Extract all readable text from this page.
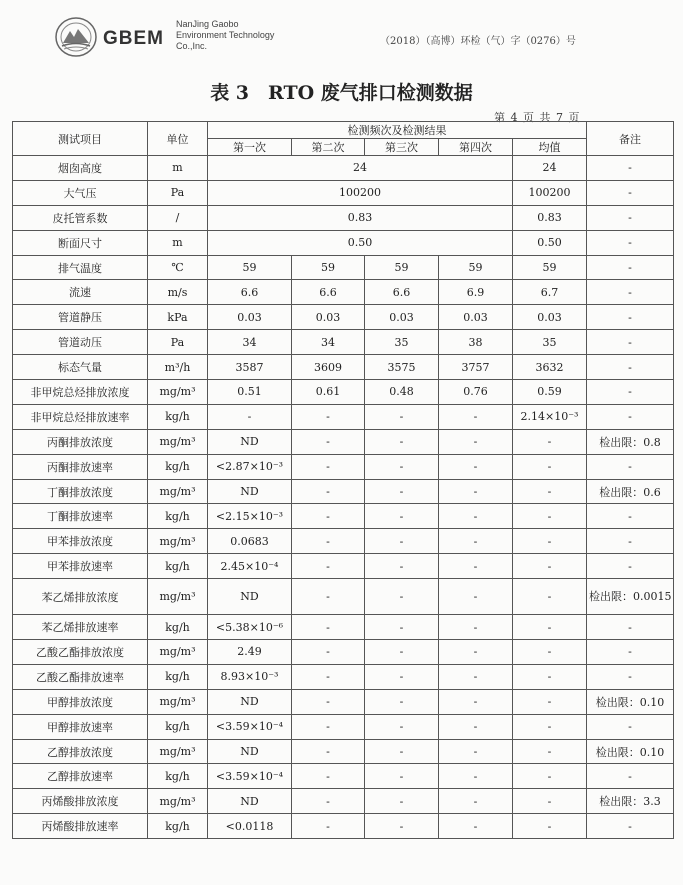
GBEM
NanJing Gaobo
Environment Technology
Co.,Inc.	（2018）（高博）环检（气）字（0276）号
表 3　RTO 废气排口检测数据
第 4 页 共 7 页
测试项目	单位	检测频次及检测结果					备注
		第一次	第二次	第三次	第四次	均值	
烟囱高度	m	24				24	-
大气压	Pa	100200				100200	-
皮托管系数	/	0.83				0.83	-
断面尺寸	m	0.50				0.50	-
排气温度	℃	59	59	59	59	59	-
流速	m/s	6.6	6.6	6.6	6.9	6.7	-
管道静压	kPa	0.03	0.03	0.03	0.03	0.03	-
管道动压	Pa	34	34	35	38	35	-
标态气量	m³/h	3587	3609	3575	3757	3632	-
非甲烷总烃排放浓度	mg/m³	0.51	0.61	0.48	0.76	0.59	-
非甲烷总烃排放速率	kg/h	-	-	-	-	2.14×10⁻³	-
丙酮排放浓度	mg/m³	ND	-	-	-	-	检出限：0.8
丙酮排放速率	kg/h	<2.87×10⁻³	-	-	-	-	-
丁酮排放浓度	mg/m³	ND	-	-	-	-	检出限：0.6
丁酮排放速率	kg/h	<2.15×10⁻³	-	-	-	-	-
甲苯排放浓度	mg/m³	0.0683	-	-	-	-	-
甲苯排放速率	kg/h	2.45×10⁻⁴	-	-	-	-	-
苯乙烯排放浓度	mg/m³	ND	-	-	-	-	检出限：0.0015
苯乙烯排放速率	kg/h	<5.38×10⁻⁶	-	-	-	-	-
乙酸乙酯排放浓度	mg/m³	2.49	-	-	-	-	-
乙酸乙酯排放速率	kg/h	8.93×10⁻³	-	-	-	-	-
甲醇排放浓度	mg/m³	ND	-	-	-	-	检出限：0.10
甲醇排放速率	kg/h	<3.59×10⁻⁴	-	-	-	-	-
乙醇排放浓度	mg/m³	ND	-	-	-	-	检出限：0.10
乙醇排放速率	kg/h	<3.59×10⁻⁴	-	-	-	-	-
丙烯酸排放浓度	mg/m³	ND	-	-	-	-	检出限：3.3
丙烯酸排放速率	kg/h	<0.0118	-	-	-	-	-
